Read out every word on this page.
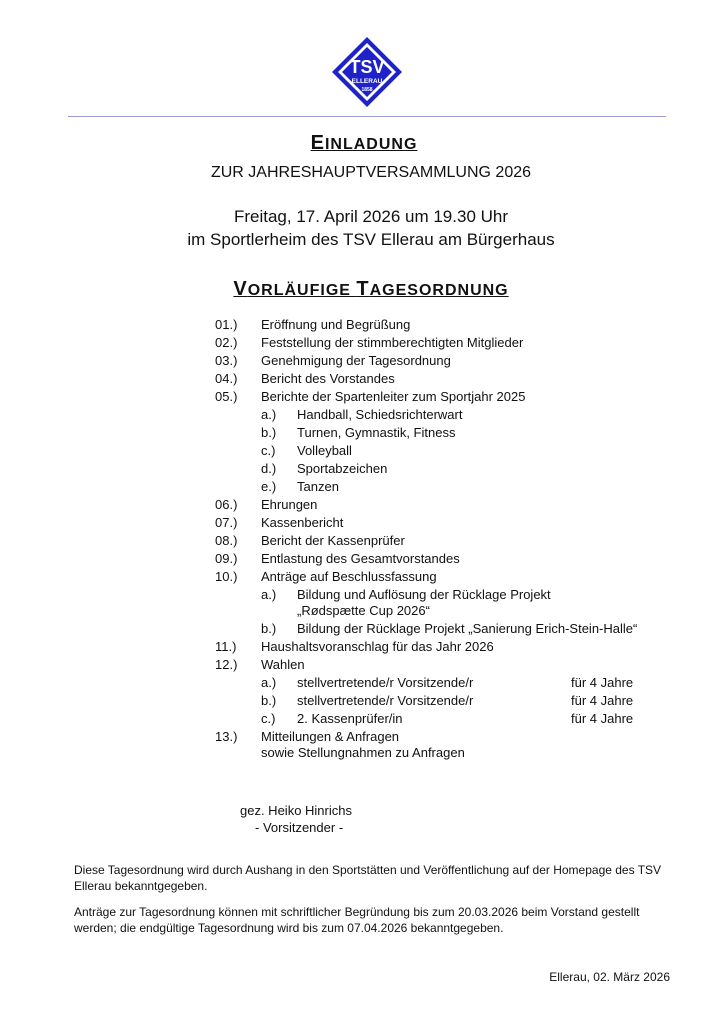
TSV
ELLERAU
1858
EINLADUNG
ZUR JAHRESHAUPTVERSAMMLUNG 2026
Freitag, 17. April 2026 um 19.30 Uhr
im Sportlerheim des TSV Ellerau am Bürgerhaus
VORLÄUFIGE TAGESORDNUNG
01.) Eröffnung und Begrüßung
02.) Feststellung der stimmberechtigten Mitglieder
03.) Genehmigung der Tagesordnung
04.) Bericht des Vorstandes
05.) Berichte der Spartenleiter zum Sportjahr 2025
a.) Handball, Schiedsrichterwart
b.) Turnen, Gymnastik, Fitness
c.) Volleyball
d.) Sportabzeichen
e.) Tanzen
06.) Ehrungen
07.) Kassenbericht
08.) Bericht der Kassenprüfer
09.) Entlastung des Gesamtvorstandes
10.) Anträge auf Beschlussfassung
a.) Bildung und Auflösung der Rücklage Projekt
„Rødspætte Cup 2026“
b.) Bildung der Rücklage Projekt „Sanierung Erich-Stein-Halle“
11.) Haushaltsvoranschlag für das Jahr 2026
12.) Wahlen
a.) stellvertretende/r Vorsitzende/r	für 4 Jahre
b.) stellvertretende/r Vorsitzende/r	für 4 Jahre
c.) 2. Kassenprüfer/in	für 4 Jahre
13.) Mitteilungen & Anfragen
sowie Stellungnahmen zu Anfragen
gez. Heiko Hinrichs
- Vorsitzender -
Diese Tagesordnung wird durch Aushang in den Sportstätten und Veröffentlichung auf der Homepage des TSV Ellerau bekanntgegeben.
Anträge zur Tagesordnung können mit schriftlicher Begründung bis zum 20.03.2026 beim Vorstand gestellt werden; die endgültige Tagesordnung wird bis zum 07.04.2026 bekanntgegeben.
Ellerau, 02. März 2026
